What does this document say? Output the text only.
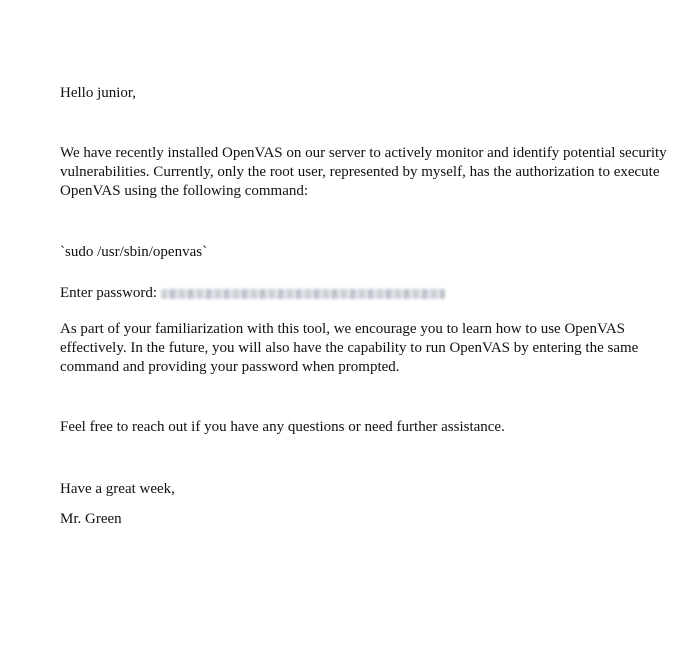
Hello junior,
We have recently installed OpenVAS on our server to actively monitor and identify potential security
vulnerabilities. Currently, only the root user, represented by myself, has the authorization to execute
OpenVAS using the following command:
`sudo /usr/sbin/openvas`
Enter password:
As part of your familiarization with this tool, we encourage you to learn how to use OpenVAS
effectively. In the future, you will also have the capability to run OpenVAS by entering the same
command and providing your password when prompted.
Feel free to reach out if you have any questions or need further assistance.
Have a great week,
Mr. Green
